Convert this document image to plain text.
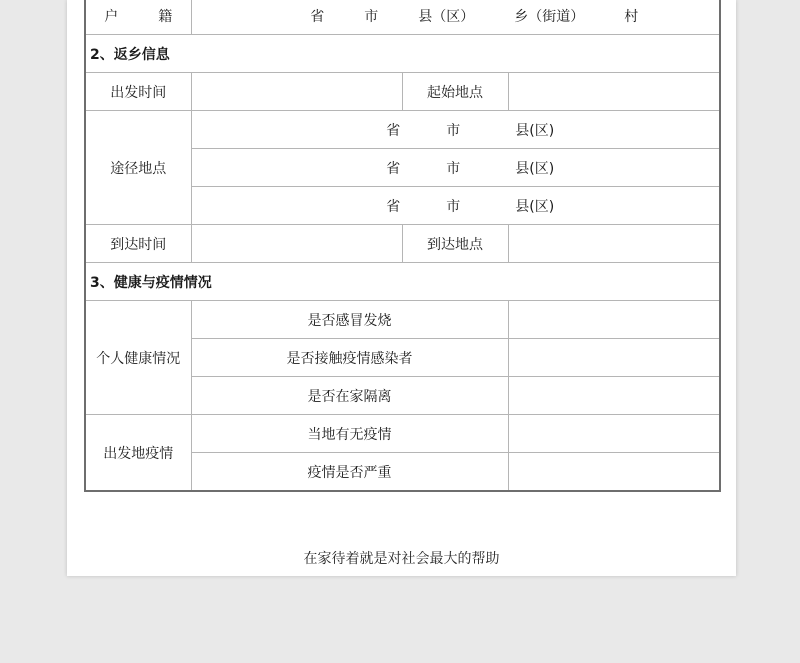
户 籍	省 市 县（区） 乡（街道） 村		
2、返乡信息			
出发时间		起始地点	
途径地点	省 市 县(区)		
	省 市 县(区)		
	省 市 县(区)		
到达时间		到达地点	
3、健康与疫情情况			
个人健康情况	是否感冒发烧		
	是否接触疫情感染者		
	是否在家隔离		
出发地疫情	当地有无疫情		
	疫情是否严重		
在家待着就是对社会最大的帮助
